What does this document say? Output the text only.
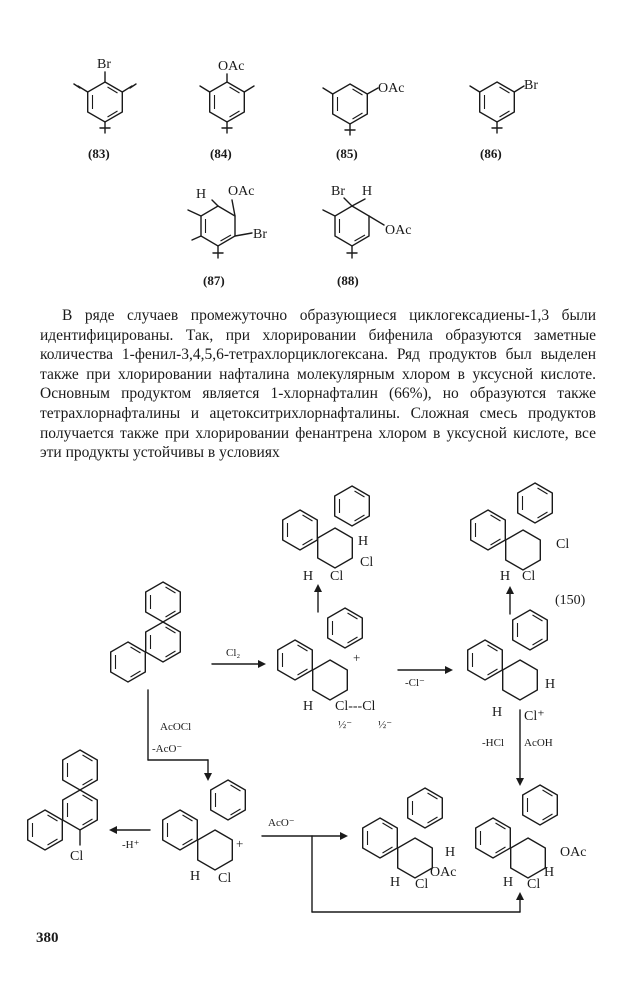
Br
(83)
OAc
(84)
OAc
(85)
Br
(86)
H OAc
Br
(87)
Br H
OAc
(88)
(150)
Cl₂	+
H Cl---Cl
½⁻ ½⁻
H
Cl
H Cl
-Cl⁻	H
H Cl⁺
Cl
H Cl
AcOCl
-AcO⁻	-HCl AcOH
Cl
-H⁺	+
H Cl
AcO⁻
H
OAc
H Cl
OAc
H
H Cl

В ряде случаев промежуточно образующиеся циклогексадиены-1,3 были идентифицированы. Так, при хлорировании бифенила образуются заметные количества 1-фенил-3,4,5,6-тетрахлорциклогексана. Ряд продуктов был выделен также при хлорировании нафталина молекулярным хлором в уксусной кислоте. Основным продуктом является 1-хлорнафталин (66%), но образуются также тетрахлорнафталины и ацетокситрихлорнафталины. Сложная смесь продуктов получается также при хлорировании фенантрена хлором в уксусной кислоте, все эти продукты устойчивы в условиях

380
